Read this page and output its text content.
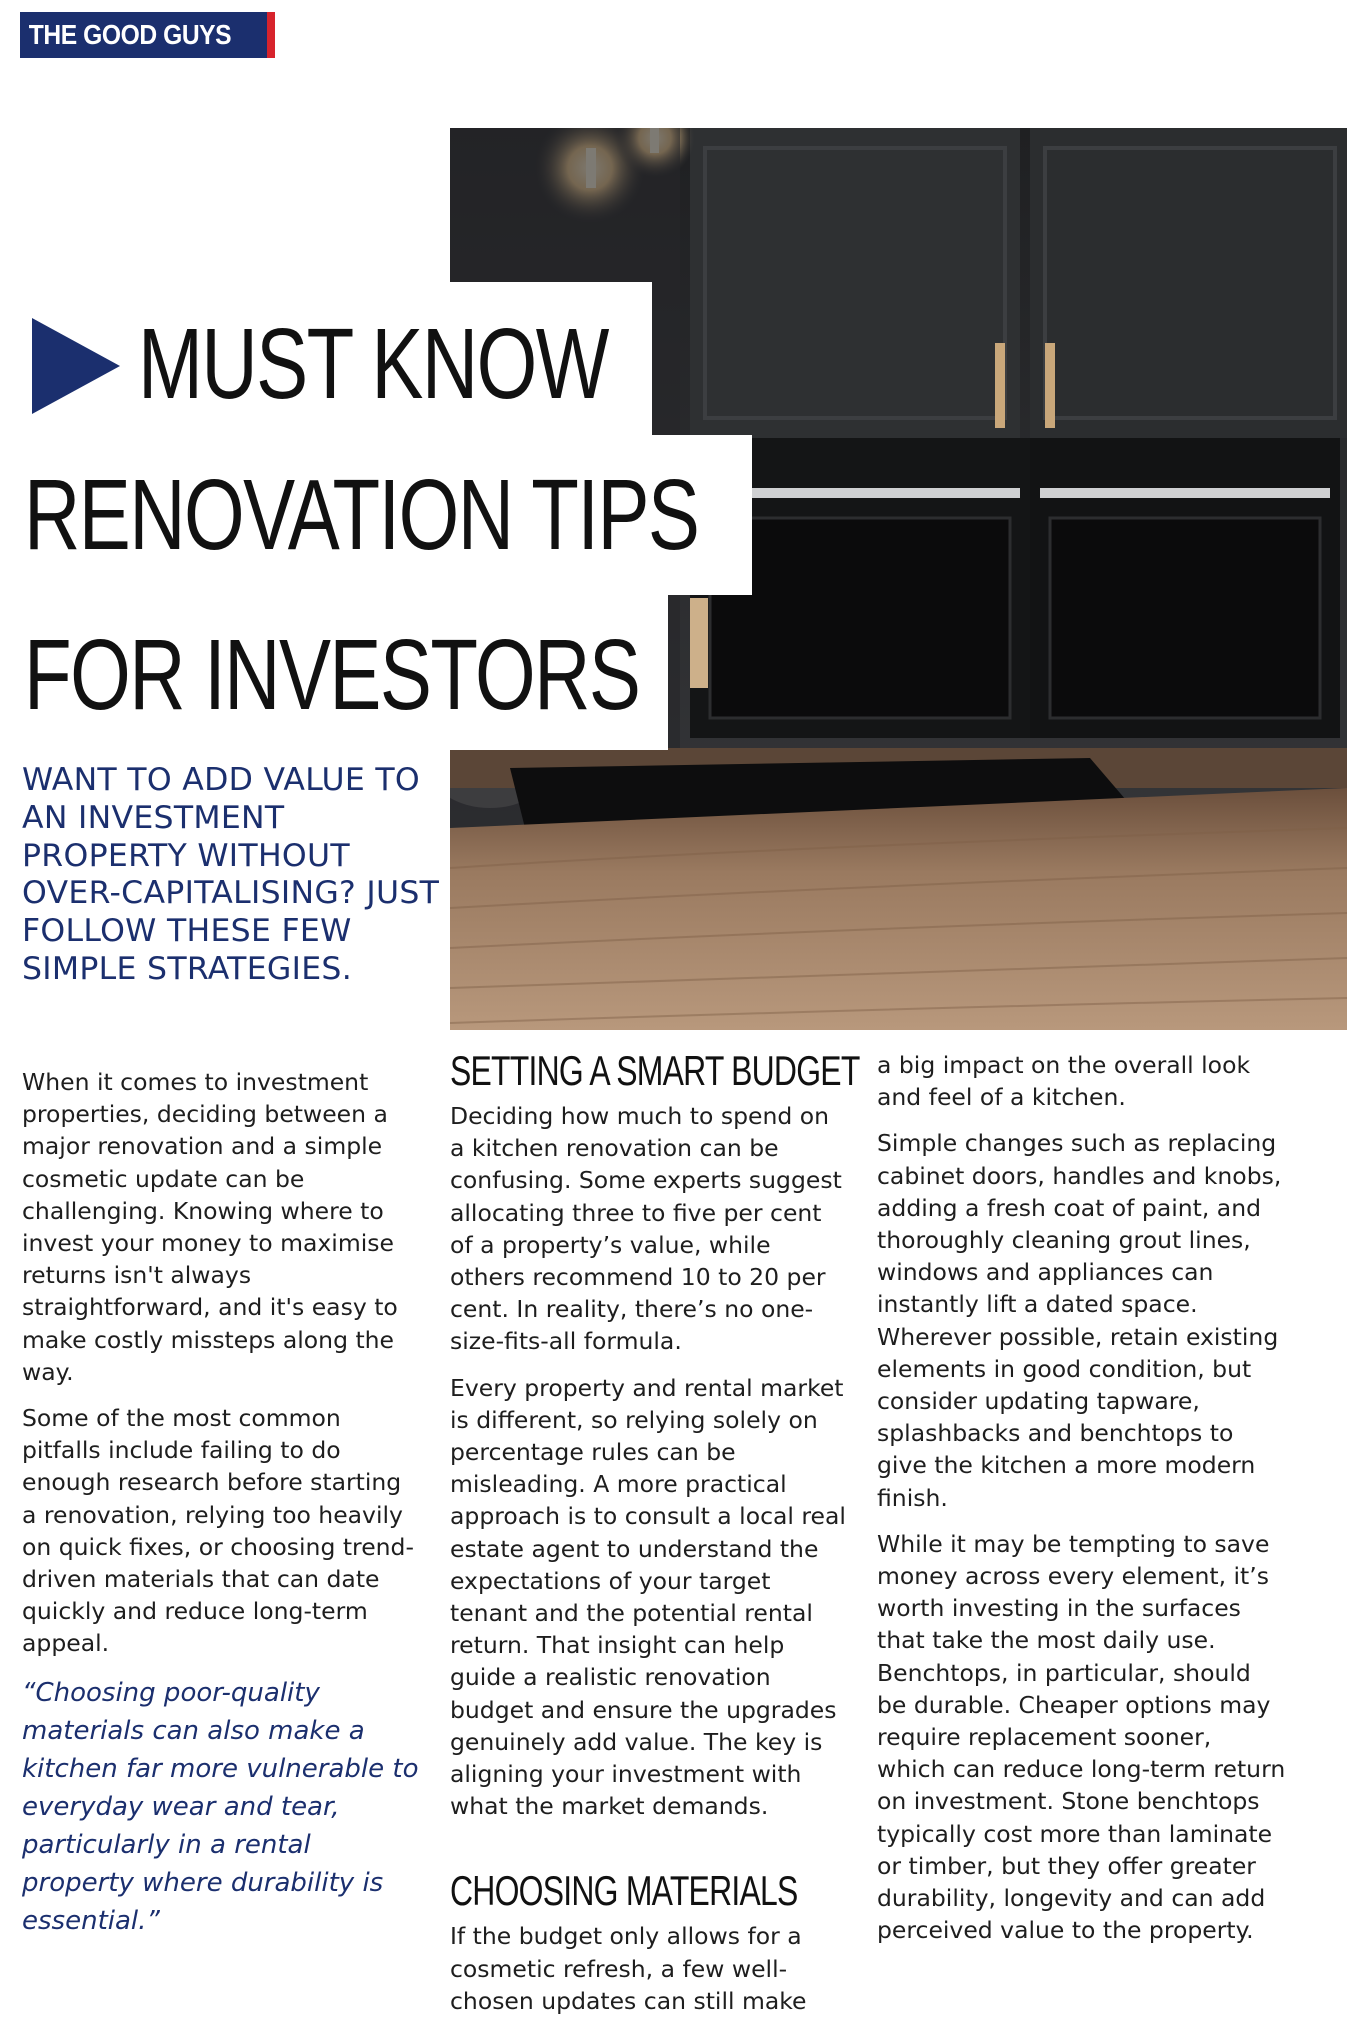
THE GOOD GUYS
MUST KNOW
RENOVATION TIPS
FOR INVESTORS
WANT TO ADD VALUE TO AN INVESTMENT PROPERTY WITHOUT OVER-CAPITALISING? JUST FOLLOW THESE FEW SIMPLE STRATEGIES.

When it comes to investment properties, deciding between a major renovation and a simple cosmetic update can be challenging. Knowing where to invest your money to maximise returns isn't always straightforward, and it's easy to make costly missteps along the way.

Some of the most common pitfalls include failing to do enough research before starting a renovation, relying too heavily on quick fixes, or choosing trend-driven materials that can date quickly and reduce long-term appeal.

“Choosing poor-quality materials can also make a kitchen far more vulnerable to everyday wear and tear, particularly in a rental property where durability is essential.”

SETTING A SMART BUDGET

Deciding how much to spend on a kitchen renovation can be confusing. Some experts suggest allocating three to five per cent of a property’s value, while others recommend 10 to 20 per cent. In reality, there’s no one-size-fits-all formula.

Every property and rental market is different, so relying solely on percentage rules can be misleading. A more practical approach is to consult a local real estate agent to understand the expectations of your target tenant and the potential rental return. That insight can help guide a realistic renovation budget and ensure the upgrades genuinely add value. The key is aligning your investment with what the market demands.

CHOOSING MATERIALS

If the budget only allows for a cosmetic refresh, a few well-chosen updates can still make

a big impact on the overall look and feel of a kitchen.

Simple changes such as replacing cabinet doors, handles and knobs, adding a fresh coat of paint, and thoroughly cleaning grout lines, windows and appliances can instantly lift a dated space. Wherever possible, retain existing elements in good condition, but consider updating tapware, splashbacks and benchtops to give the kitchen a more modern finish.

While it may be tempting to save money across every element, it’s worth investing in the surfaces that take the most daily use. Benchtops, in particular, should be durable. Cheaper options may require replacement sooner, which can reduce long-term return on investment. Stone benchtops typically cost more than laminate or timber, but they offer greater durability, longevity and can add perceived value to the property.
